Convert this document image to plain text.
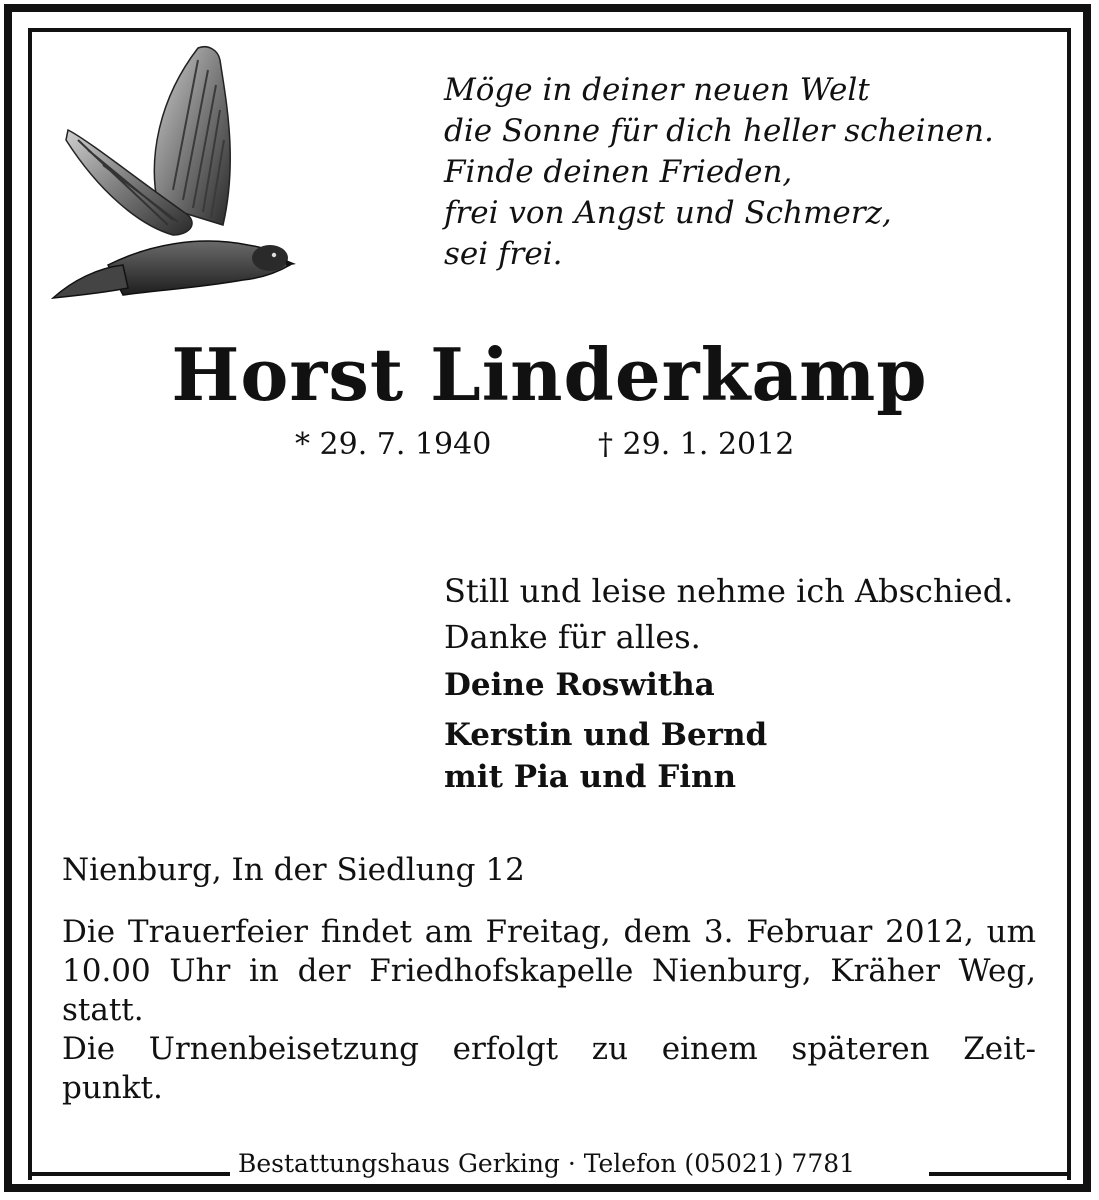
Möge in deiner neuen Welt
die Sonne für dich heller scheinen.
Finde deinen Frieden,
frei von Angst und Schmerz,
sei frei.
Horst Linderkamp
* 29. 7. 1940	† 29. 1. 2012
Still und leise nehme ich Abschied.
Danke für alles.
Deine Roswitha
Kerstin und Bernd
mit Pia und Finn
Nienburg, In der Siedlung 12
Die Trauerfeier findet am Freitag, dem 3. Februar 2012, um
10.00 Uhr in der Friedhofskapelle Nienburg, Kräher Weg,
statt.
Die Urnenbeisetzung erfolgt zu einem späteren Zeit-
punkt.
Bestattungshaus Gerking · Telefon (05021) 7781
